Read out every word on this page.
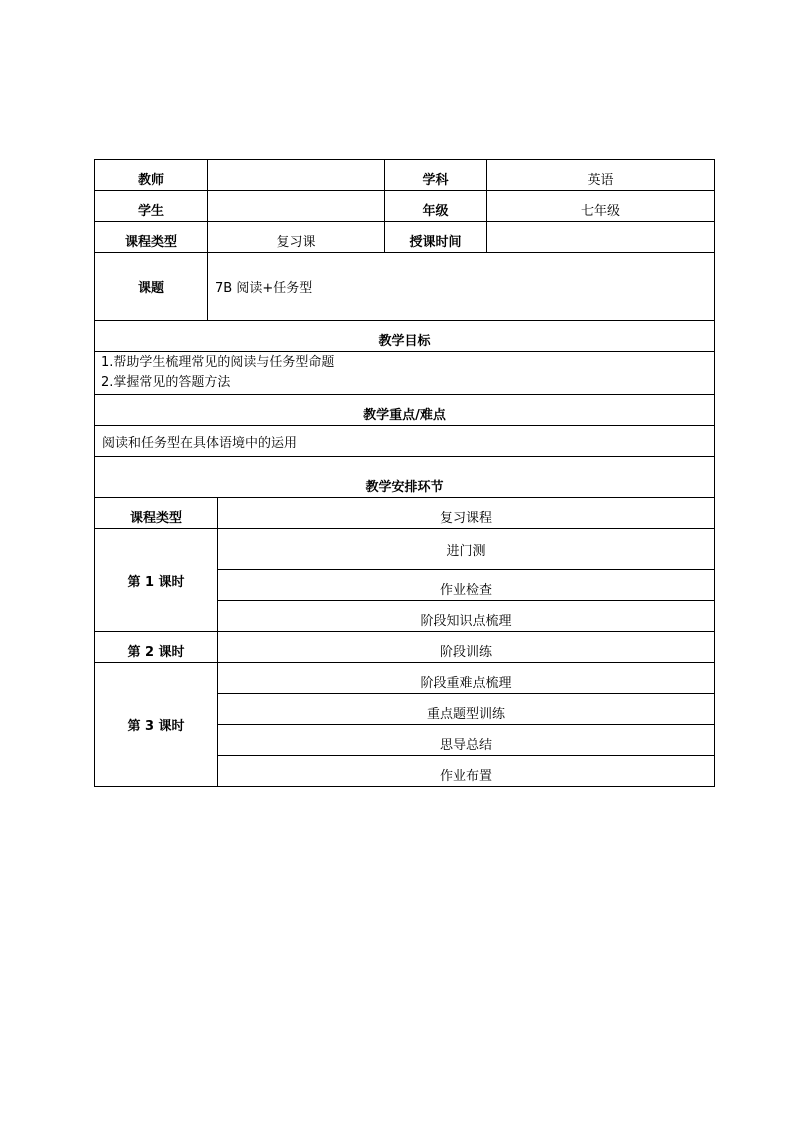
教师			学科	英语
学生			年级	七年级
课程类型	复习课		授课时间	
课题	7B 阅读+任务型			
教学目标				

1.帮助学生梳理常见的阅读与任务型命题
2.掌握常见的答题方法				

教学重点/难点				
阅读和任务型在具体语境中的运用				
教学安排环节				
课程类型		复习课程		
第 1 课时		进门测		
		作业检查		
		阶段知识点梳理		
第 2 课时		阶段训练		
第 3 课时		阶段重难点梳理		
		重点题型训练		
		思导总结		
		作业布置		
